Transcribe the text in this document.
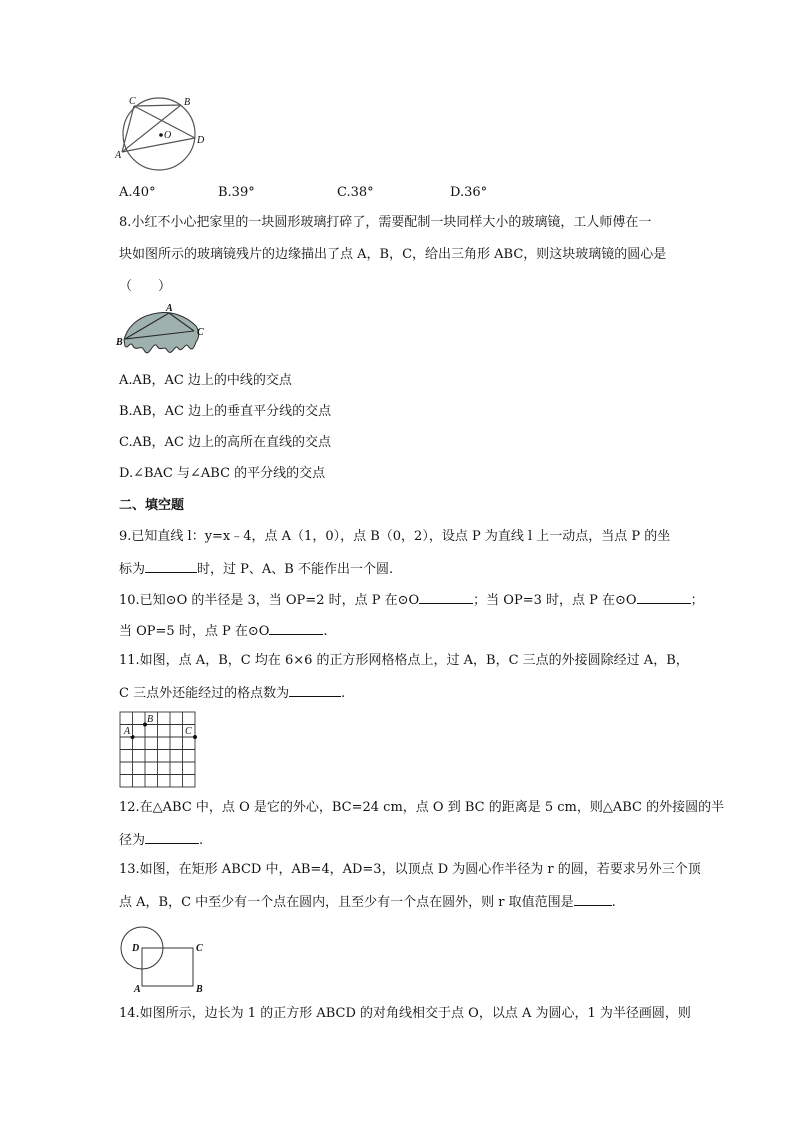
C	B
O	D
A
A.40°	B.39°	C.38°	D.36°
8.小红不小心把家里的一块圆形玻璃打碎了，需要配制一块同样大小的玻璃镜，工人师傅在一
块如图所示的玻璃镜残片的边缘描出了点 A，B，C，给出三角形 ABC，则这块玻璃镜的圆心是
（　　）
A
C
B
A.AB，AC 边上的中线的交点
B.AB，AC 边上的垂直平分线的交点
C.AB，AC 边上的高所在直线的交点
D.∠BAC 与∠ABC 的平分线的交点
二、填空题
9.已知直线 l：y=x﹣4，点 A（1，0），点 B（0，2），设点 P 为直线 l 上一动点，当点 P 的坐
标为	时，过 P、A、B 不能作出一个圆.
10.已知⊙O 的半径是 3，当 OP=2 时，点 P 在⊙O	；当 OP=3 时，点 P 在⊙O	；
当 OP=5 时，点 P 在⊙O	.
11.如图，点 A，B，C 均在 6×6 的正方形网格格点上，过 A，B，C 三点的外接圆除经过 A，B，
C 三点外还能经过的格点数为	.
A
B
C
12.在△ABC 中，点 O 是它的外心，BC=24 cm，点 O 到 BC 的距离是 5 cm，则△ABC 的外接圆的半
径为	.
13.如图，在矩形 ABCD 中，AB=4，AD=3，以顶点 D 为圆心作半径为 r 的圆，若要求另外三个顶
点 A，B，C 中至少有一个点在圆内，且至少有一个点在圆外，则 r 取值范围是	.
D	C
A	B
14.如图所示，边长为 1 的正方形 ABCD 的对角线相交于点 O，以点 A 为圆心，1 为半径画圆，则
